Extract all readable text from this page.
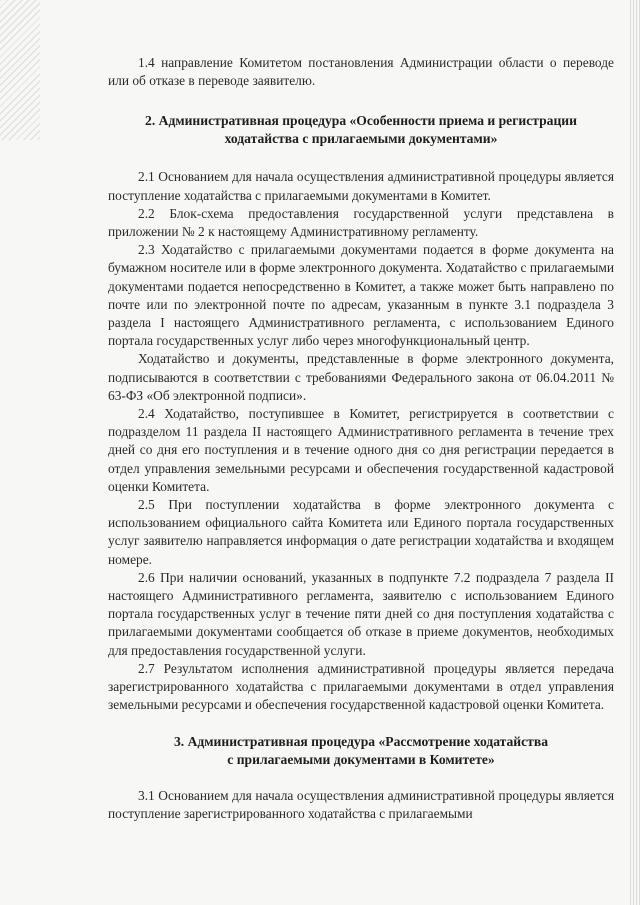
1.4 направление Комитетом постановления Администрации области о переводе или об отказе в переводе заявителю.

2. Административная процедура «Особенности приема и регистрации
ходатайства с прилагаемыми документами»

2.1 Основанием для начала осуществления административной процедуры является поступление ходатайства с прилагаемыми документами в Комитет.

2.2 Блок-схема предоставления государственной услуги представлена в приложении № 2 к настоящему Административному регламенту.

2.3 Ходатайство с прилагаемыми документами подается в форме документа на бумажном носителе или в форме электронного документа. Ходатайство с прилагаемыми документами подается непосредственно в Комитет, а также может быть направлено по почте или по электронной почте по адресам, указанным в пункте 3.1 подраздела 3 раздела I настоящего Административного регламента, с использованием Единого портала государственных услуг либо через многофункциональный центр.

Ходатайство и документы, представленные в форме электронного документа, подписываются в соответствии с требованиями Федерального закона от 06.04.2011 № 63-ФЗ «Об электронной подписи».

2.4 Ходатайство, поступившее в Комитет, регистрируется в соответствии с подразделом 11 раздела II настоящего Административного регламента в течение трех дней со дня его поступления и в течение одного дня со дня регистрации передается в отдел управления земельными ресурсами и обеспечения государственной кадастровой оценки Комитета.

2.5 При поступлении ходатайства в форме электронного документа с использованием официального сайта Комитета или Единого портала государственных услуг заявителю направляется информация о дате регистрации ходатайства и входящем номере.

2.6 При наличии оснований, указанных в подпункте 7.2 подраздела 7 раздела II настоящего Административного регламента, заявителю с использованием Единого портала государственных услуг в течение пяти дней со дня поступления ходатайства с прилагаемыми документами сообщается об отказе в приеме документов, необходимых для предоставления государственной услуги.

2.7 Результатом исполнения административной процедуры является передача зарегистрированного ходатайства с прилагаемыми документами в отдел управления земельными ресурсами и обеспечения государственной кадастровой оценки Комитета.

3. Административная процедура «Рассмотрение ходатайства
с прилагаемыми документами в Комитете»

3.1 Основанием для начала осуществления административной процедуры является поступление зарегистрированного ходатайства с прилагаемыми
